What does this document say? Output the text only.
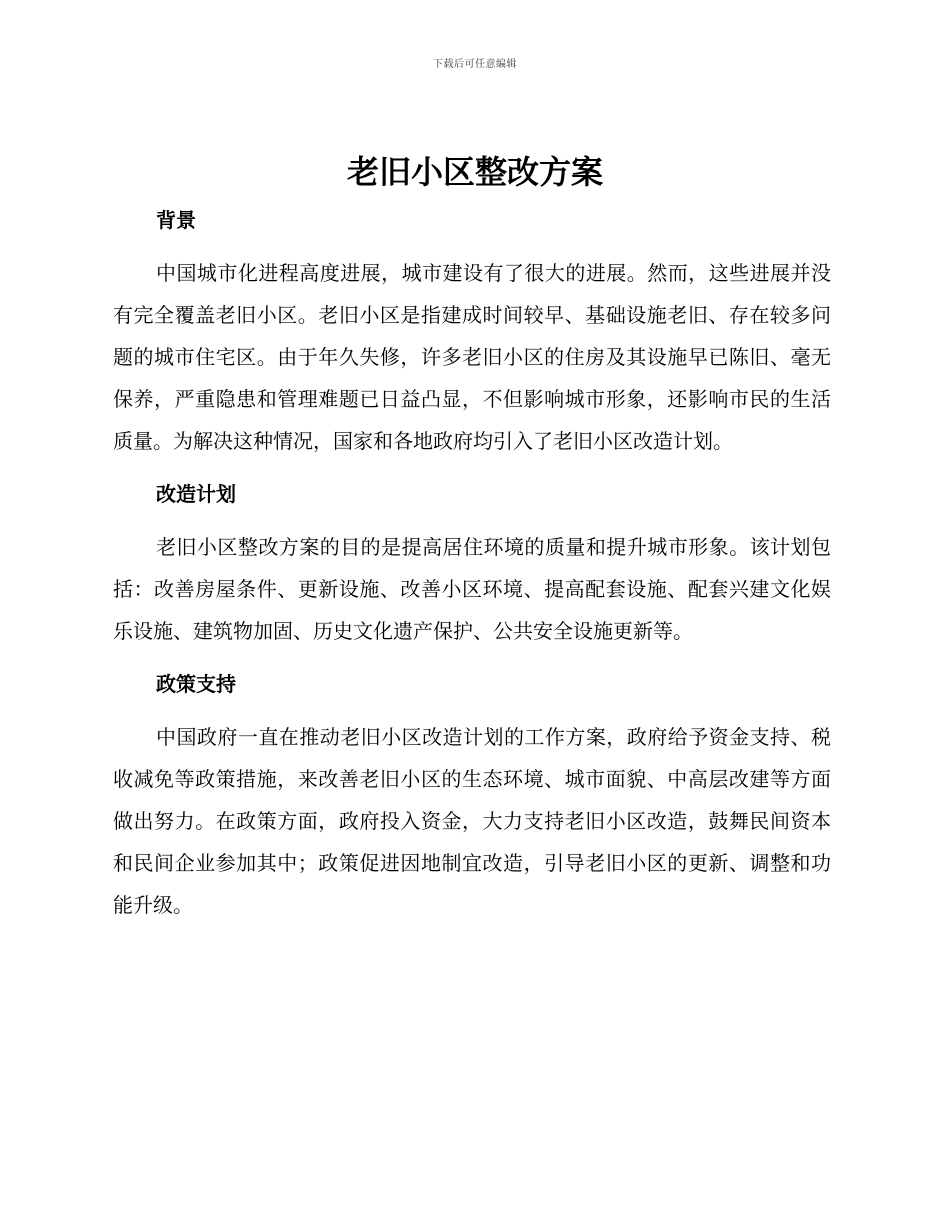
下载后可任意编辑
老旧小区整改方案
背景

中国城市化进程高度进展，城市建设有了很大的进展。然而，这些进展并没有完全覆盖老旧小区。老旧小区是指建成时间较早、基础设施老旧、存在较多问题的城市住宅区。由于年久失修，许多老旧小区的住房及其设施早已陈旧、毫无保养，严重隐患和管理难题已日益凸显，不但影响城市形象，还影响市民的生活质量。为解决这种情况，国家和各地政府均引入了老旧小区改造计划。

改造计划

老旧小区整改方案的目的是提高居住环境的质量和提升城市形象。该计划包括：改善房屋条件、更新设施、改善小区环境、提高配套设施、配套兴建文化娱乐设施、建筑物加固、历史文化遗产保护、公共安全设施更新等。

政策支持

中国政府一直在推动老旧小区改造计划的工作方案，政府给予资金支持、税收减免等政策措施，来改善老旧小区的生态环境、城市面貌、中高层改建等方面做出努力。在政策方面，政府投入资金，大力支持老旧小区改造，鼓舞民间资本和民间企业参加其中；政策促进因地制宜改造，引导老旧小区的更新、调整和功能升级。
